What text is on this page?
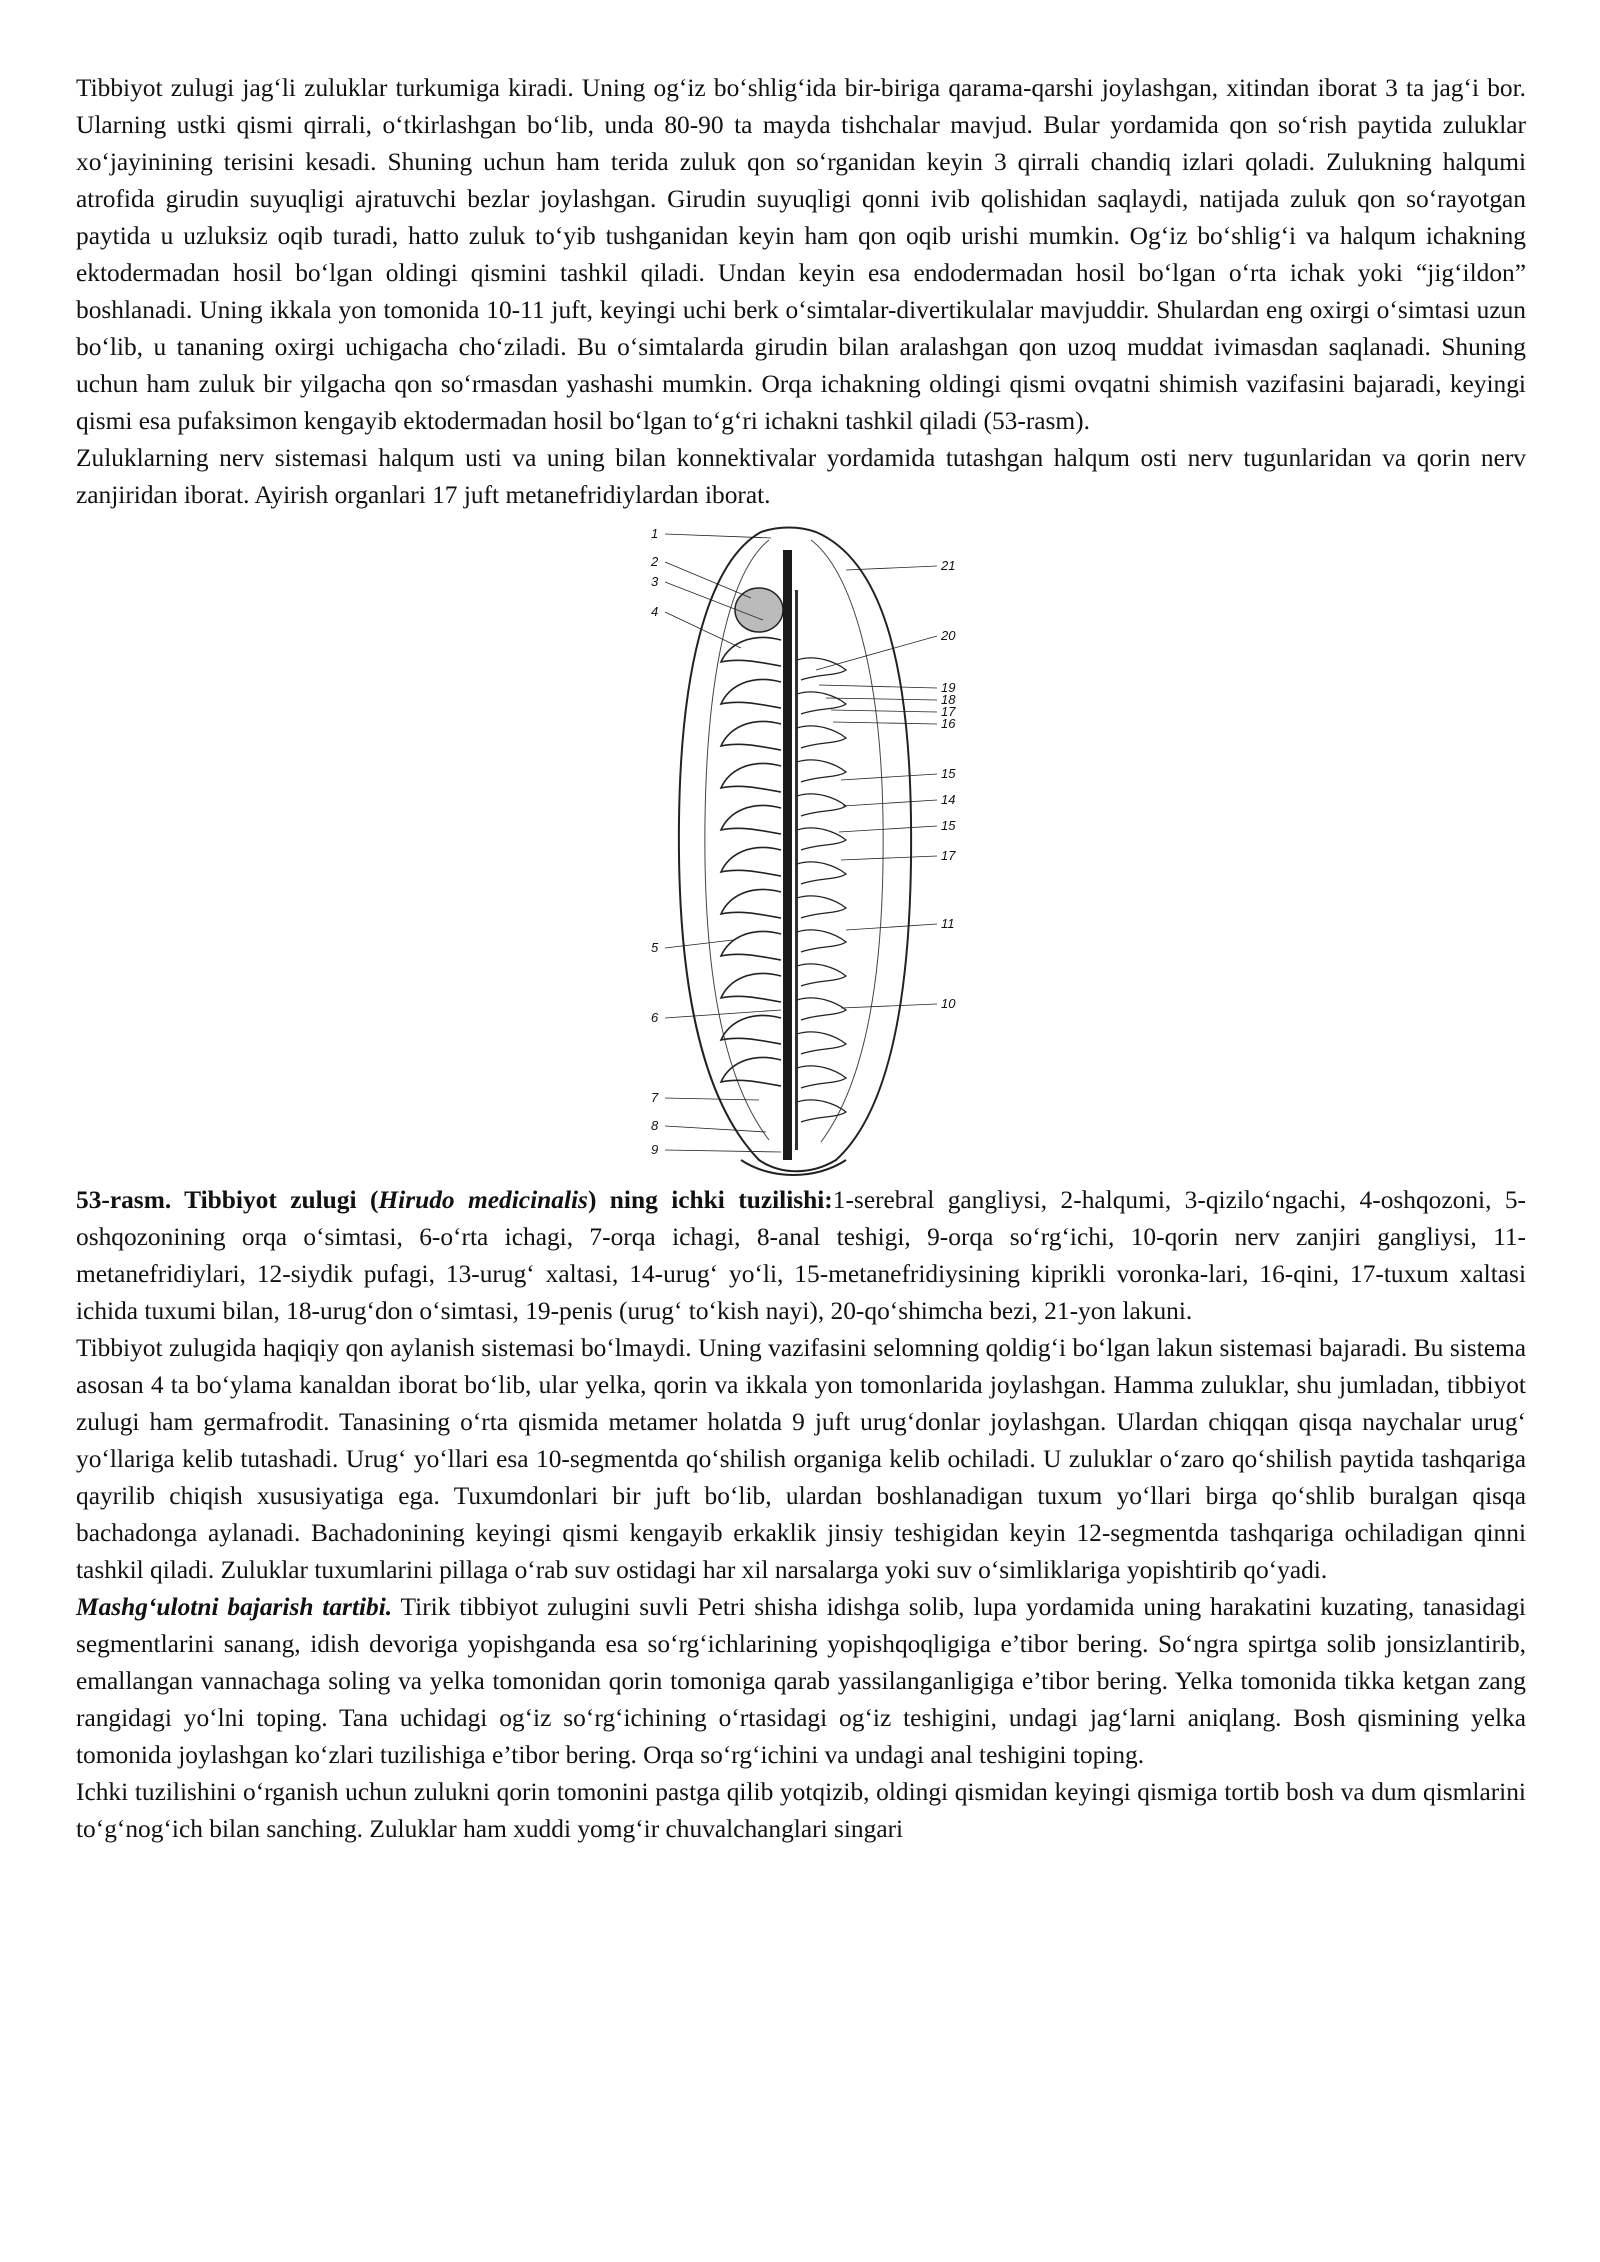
Tibbiyot zulugi jag‘li zuluklar turkumiga kiradi. Uning og‘iz bo‘shlig‘ida bir-biriga qarama-qarshi joylashgan, xitindan iborat 3 ta jag‘i bor. Ularning ustki qismi qirrali, o‘tkirlashgan bo‘lib, unda 80-90 ta mayda tishchalar mavjud. Bular yordamida qon so‘rish paytida zuluklar xo‘jayinining terisini kesadi. Shuning uchun ham terida zuluk qon so‘rganidan keyin 3 qirrali chandiq izlari qoladi. Zulukning halqumi atrofida girudin suyuqligi ajratuvchi bezlar joylashgan. Girudin suyuqligi qonni ivib qolishidan saqlaydi, natijada zuluk qon so‘rayotgan paytida u uzluksiz oqib turadi, hatto zuluk to‘yib tushganidan keyin ham qon oqib urishi mumkin. Og‘iz bo‘shlig‘i va halqum ichakning ektodermadan hosil bo‘lgan oldingi qismini tashkil qiladi. Undan keyin esa endodermadan hosil bo‘lgan o‘rta ichak yoki “jig‘ildon” boshlanadi. Uning ikkala yon tomonida 10-11 juft, keyingi uchi berk o‘simtalar-divertikulalar mavjuddir. Shulardan eng oxirgi o‘simtasi uzun bo‘lib, u tananing oxirgi uchigacha cho‘ziladi. Bu o‘simtalarda girudin bilan aralashgan qon uzoq muddat ivimasdan saqlanadi. Shuning uchun ham zuluk bir yilgacha qon so‘rmasdan yashashi mumkin. Orqa ichakning oldingi qismi ovqatni shimish vazifasini bajaradi, keyingi qismi esa pufaksimon kengayib ektodermadan hosil bo‘lgan to‘g‘ri ichakni tashkil qiladi (53-rasm).

Zuluklarning nerv sistemasi halqum usti va uning bilan konnektivalar yordamida tutashgan halqum osti nerv tugunlaridan va qorin nerv zanjiridan iborat. Ayirish organlari 17 juft metanefridiylardan iborat.

1
2
3
4
5
6
7
8
9
21
20
19
18
17
16
15
14
15
17
11
10

53-rasm. Tibbiyot zulugi (Hirudo medicinalis) ning ichki tuzilishi:1-serebral gangliysi, 2-halqumi, 3-qizilo‘ngachi, 4-oshqozoni, 5-oshqozonining orqa o‘simtasi, 6-o‘rta ichagi, 7-orqa ichagi, 8-anal teshigi, 9-orqa so‘rg‘ichi, 10-qorin nerv zanjiri gangliysi, 11-metanefridiylari, 12-siydik pufagi, 13-urug‘ xaltasi, 14-urug‘ yo‘li, 15-metanefridiysining kiprikli voronka-lari, 16-qini, 17-tuxum xaltasi ichida tuxumi bilan, 18-urug‘don o‘simtasi, 19-penis (urug‘ to‘kish nayi), 20-qo‘shimcha bezi, 21-yon lakuni.

Tibbiyot zulugida haqiqiy qon aylanish sistemasi bo‘lmaydi. Uning vazifasini selomning qoldig‘i bo‘lgan lakun sistemasi bajaradi. Bu sistema asosan 4 ta bo‘ylama kanaldan iborat bo‘lib, ular yelka, qorin va ikkala yon tomonlarida joylashgan. Hamma zuluklar, shu jumladan, tibbiyot zulugi ham germafrodit. Tanasining o‘rta qismida metamer holatda 9 juft urug‘donlar joylashgan. Ulardan chiqqan qisqa naychalar urug‘ yo‘llariga kelib tutashadi. Urug‘ yo‘llari esa 10-segmentda qo‘shilish organiga kelib ochiladi. U zuluklar o‘zaro qo‘shilish paytida tashqariga qayrilib chiqish xususiyatiga ega. Tuxumdonlari bir juft bo‘lib, ulardan boshlanadigan tuxum yo‘llari birga qo‘shlib buralgan qisqa bachadonga aylanadi. Bachadonining keyingi qismi kengayib erkaklik jinsiy teshigidan keyin 12-segmentda tashqariga ochiladigan qinni tashkil qiladi. Zuluklar tuxumlarini pillaga o‘rab suv ostidagi har xil narsalarga yoki suv o‘simliklariga yopishtirib qo‘yadi.

Mashg‘ulotni bajarish tartibi. Tirik tibbiyot zulugini suvli Petri shisha idishga solib, lupa yordamida uning harakatini kuzating, tanasidagi segmentlarini sanang, idish devoriga yopishganda esa so‘rg‘ichlarining yopishqoqligiga e’tibor bering. So‘ngra spirtga solib jonsizlantirib, emallangan vannachaga soling va yelka tomonidan qorin tomoniga qarab yassilanganligiga e’tibor bering. Yelka tomonida tikka ketgan zang rangidagi yo‘lni toping. Tana uchidagi og‘iz so‘rg‘ichining o‘rtasidagi og‘iz teshigini, undagi jag‘larni aniqlang. Bosh qismining yelka tomonida joylashgan ko‘zlari tuzilishiga e’tibor bering. Orqa so‘rg‘ichini va undagi anal teshigini toping.

Ichki tuzilishini o‘rganish uchun zulukni qorin tomonini pastga qilib yotqizib, oldingi qismidan keyingi qismiga tortib bosh va dum qismlarini to‘g‘nog‘ich bilan sanching. Zuluklar ham xuddi yomg‘ir chuvalchanglari singari
